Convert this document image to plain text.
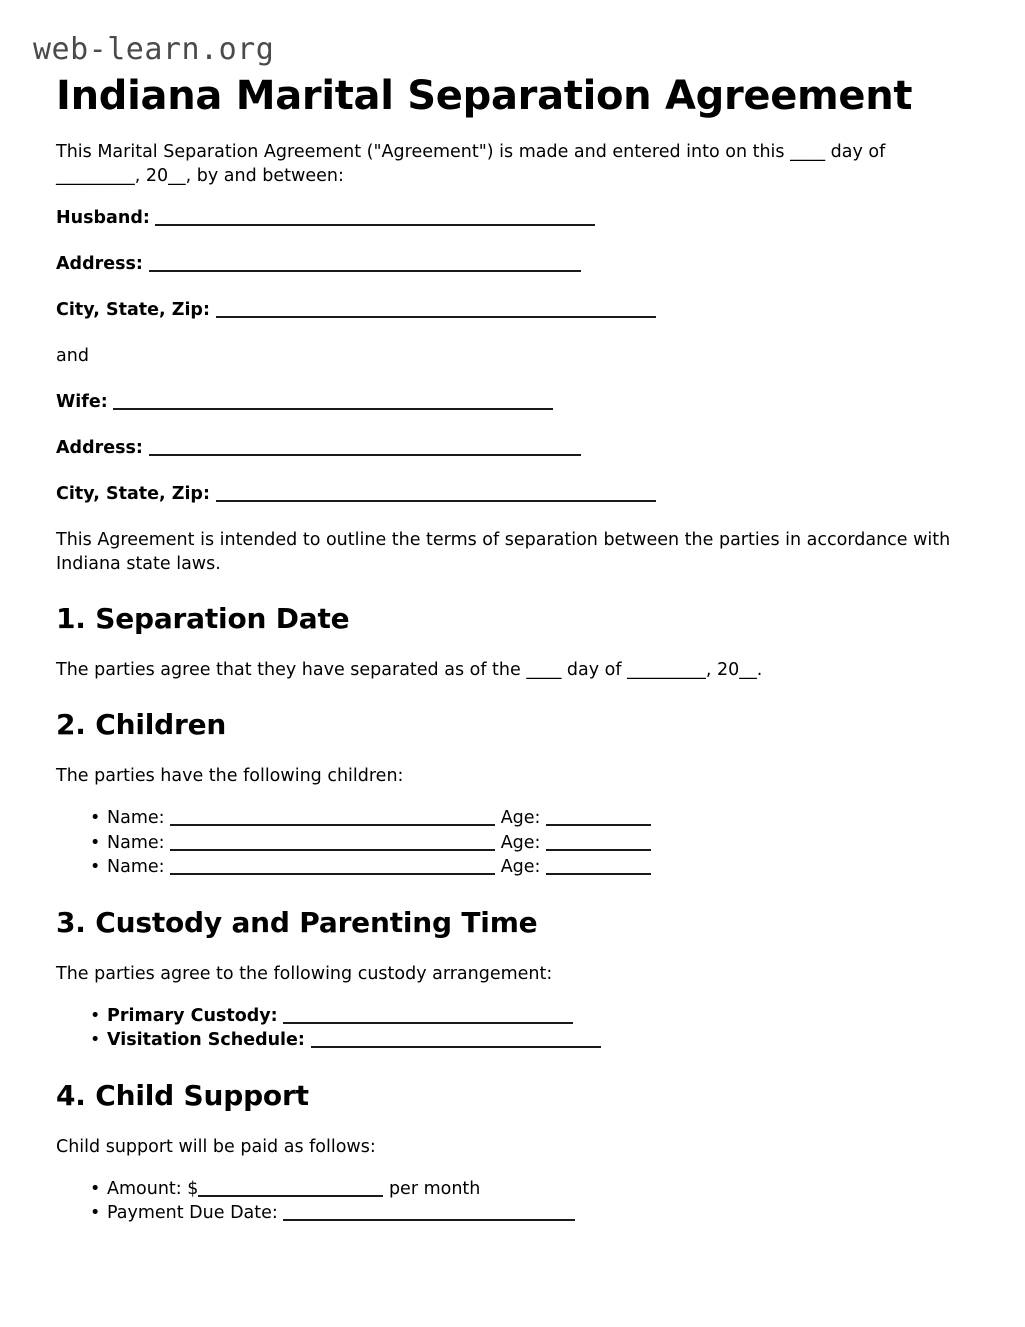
web-learn.org
Indiana Marital Separation Agreement

This Marital Separation Agreement ("Agreement") is made and entered into on this ____ day of _________, 20__, by and between:

Husband:
Address:
City, State, Zip:
and
Wife:
Address:
City, State, Zip:

This Agreement is intended to outline the terms of separation between the parties in accordance with Indiana state laws.

1. Separation Date

The parties agree that they have separated as of the ____ day of _________, 20__.

2. Children

The parties have the following children:

• Name:	Age:
• Name:	Age:
• Name:	Age:
3. Custody and Parenting Time

The parties agree to the following custody arrangement:

• Primary Custody:
• Visitation Schedule:
4. Child Support

Child support will be paid as follows:

• Amount: $	per month
• Payment Due Date:
